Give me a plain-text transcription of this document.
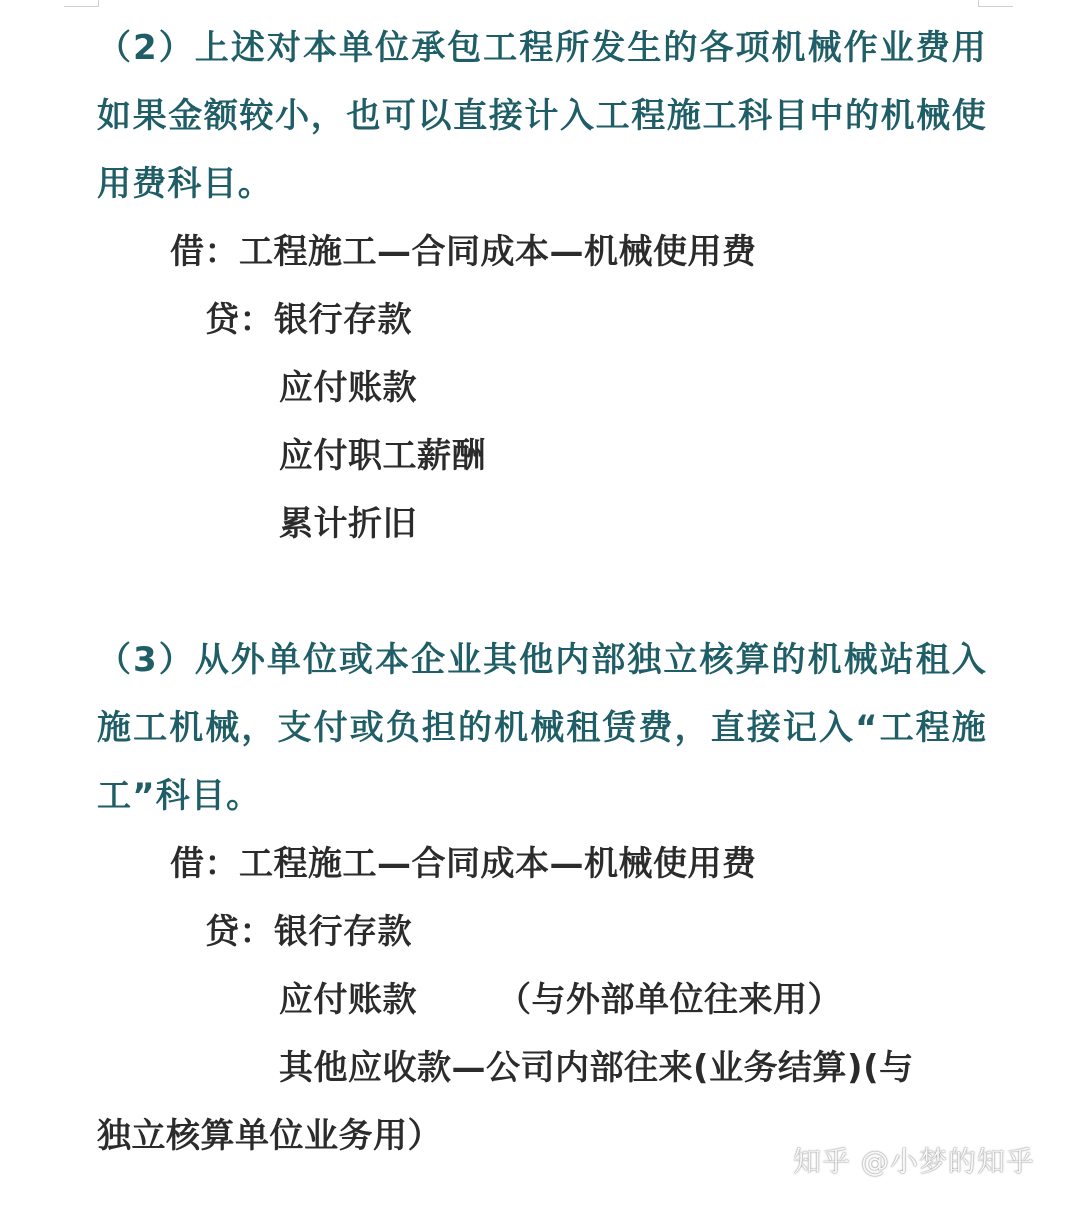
（2）上述对本单位承包工程所发生的各项机械作业费用如果金额较小，也可以直接计入工程施工科目中的机械使用费科目。

借：工程施工—合同成本—机械使用费

贷：银行存款

应付账款

应付职工薪酬

累计折旧

（3）从外单位或本企业其他内部独立核算的机械站租入施工机械，支付或负担的机械租赁费，直接记入“工程施工”科目。

借：工程施工—合同成本—机械使用费

贷：银行存款

应付账款 （与外部单位往来用）

其他应收款—公司内部往来(业务结算)(与

独立核算单位业务用）

知乎 @小梦的知乎
